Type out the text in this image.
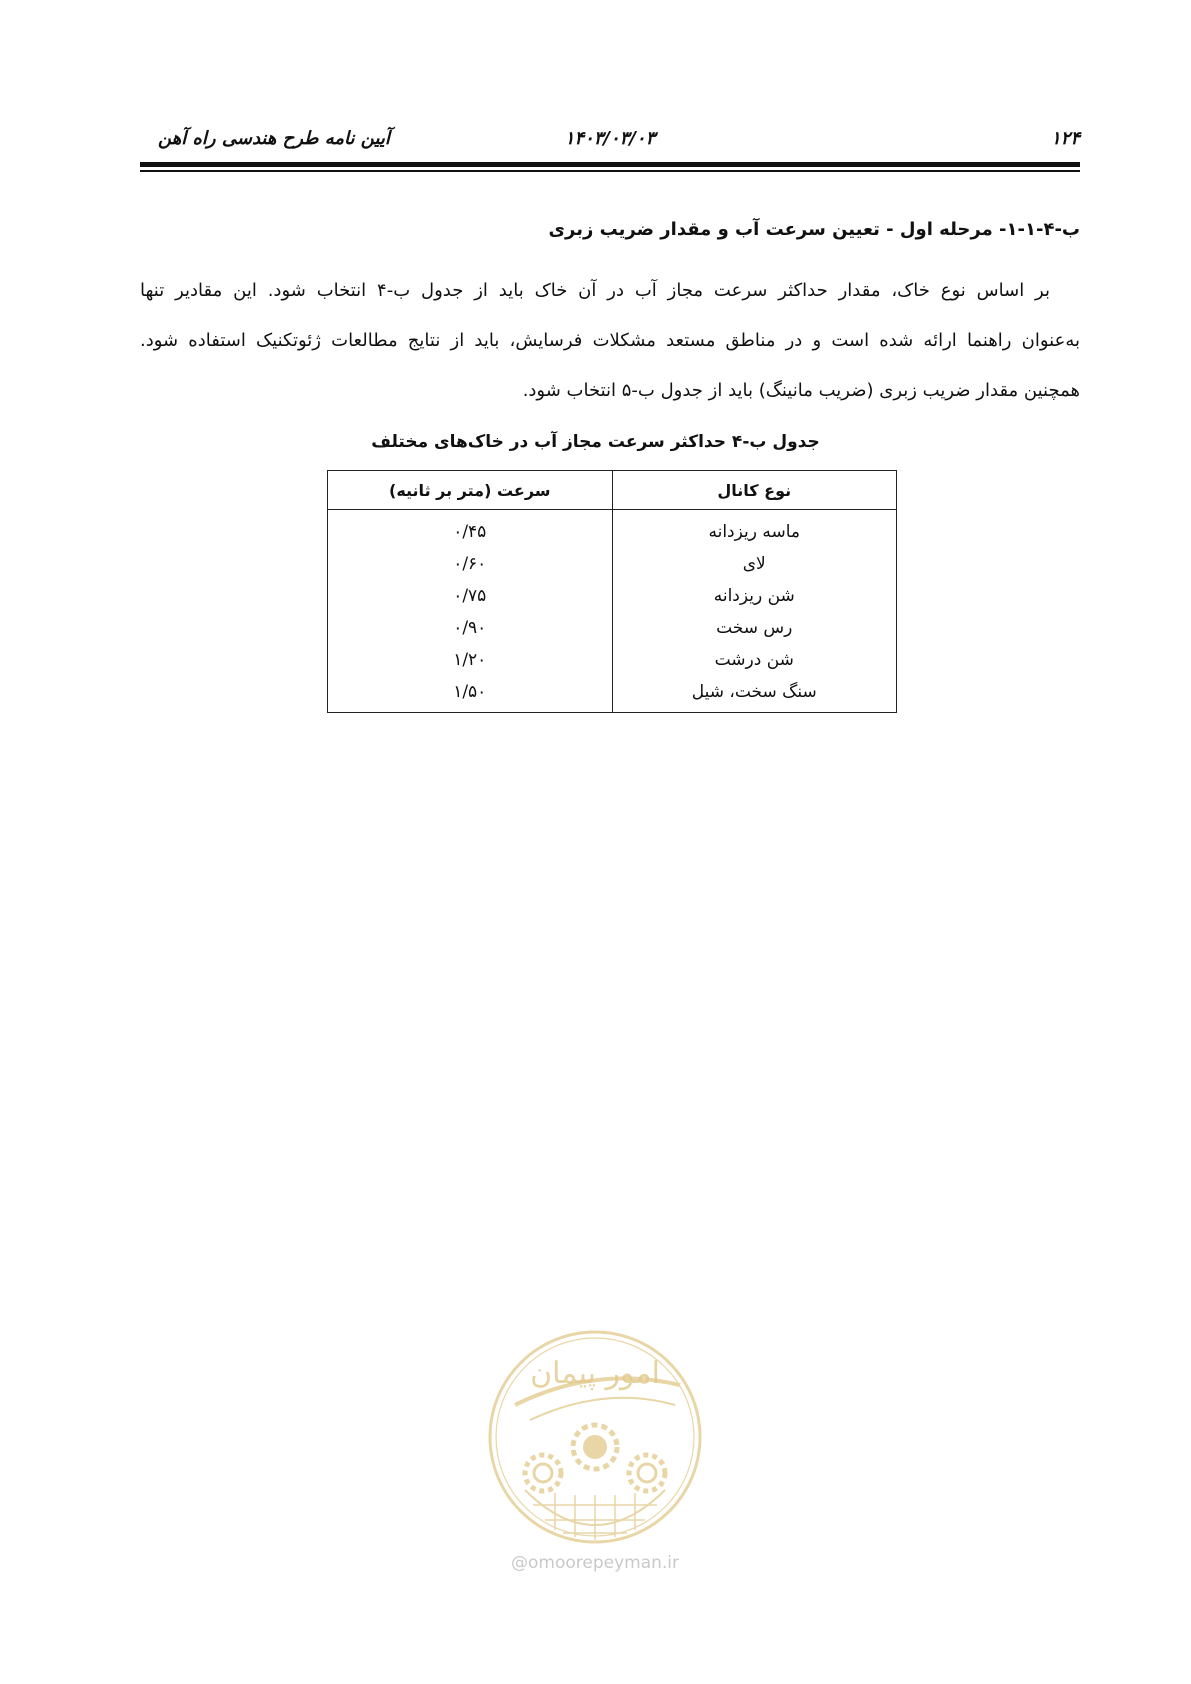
۱۲۴
۱۴۰۳/۰۳/۰۳
آیین نامه طرح هندسی راه آهن
ب-۴-۱-۱- مرحله اول - تعیین سرعت آب و مقدار ضریب زبری
بر اساس نوع خاک، مقدار حداکثر سرعت مجاز آب در آن خاک باید از جدول ب-۴ انتخاب شود. این مقادیر تنها
به‌عنوان راهنما ارائه شده است و در مناطق مستعد مشکلات فرسایش، باید از نتایج مطالعات ژئوتکنیک استفاده شود.
همچنین مقدار ضریب زبری (ضریب مانینگ) باید از جدول ب-۵ انتخاب شود.
جدول ب-۴ حداکثر سرعت مجاز آب در خاک‌های مختلف
نوع کانال	سرعت (متر بر ثانیه)
ماسه ریزدانه	۰/۴۵
لای	۰/۶۰
شن ریزدانه	۰/۷۵
رس سخت	۰/۹۰
شن درشت	۱/۲۰
سنگ سخت، شیل	۱/۵۰
امور پیمان
@omoorepeyman.ir
